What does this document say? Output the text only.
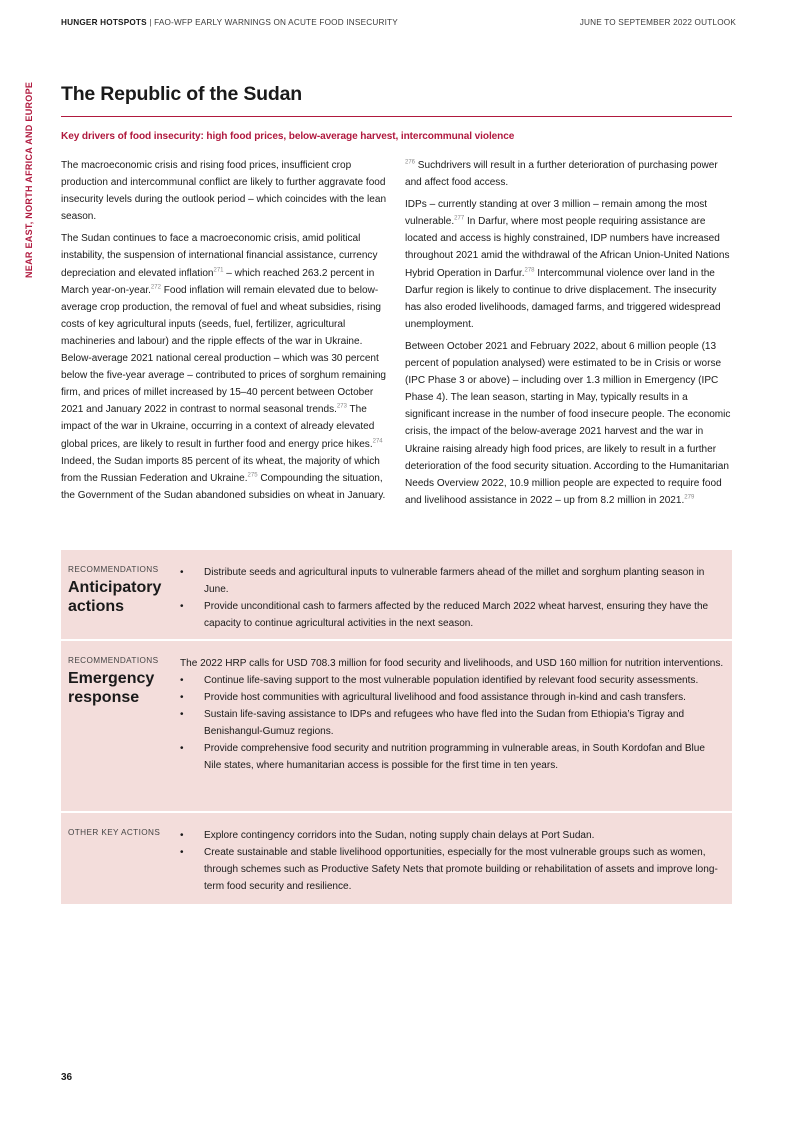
HUNGER HOTSPOTS | FAO-WFP EARLY WARNINGS ON ACUTE FOOD INSECURITY	JUNE TO SEPTEMBER 2022 OUTLOOK
NEAR EAST, NORTH AFRICA AND EUROPE The Republic of the Sudan
Key drivers of food insecurity: high food prices, below-average harvest, intercommunal violence

The macroeconomic crisis and rising food prices, insufficient crop production and intercommunal conflict are likely to further aggravate food insecurity levels during the outlook period – which coincides with the lean season.

The Sudan continues to face a macroeconomic crisis, amid political instability, the suspension of international financial assistance, currency depreciation and elevated inflation$^{271}$ – which reached 263.2 percent in March year-on-year.$^{272}$ Food inflation will remain elevated due to below-average crop production, the removal of fuel and wheat subsidies, rising costs of key agricultural inputs (seeds, fuel, fertilizer, agricultural machineries and labour) and the ripple effects of the war in Ukraine. Below-average 2021 national cereal production – which was 30 percent below the five-year average – contributed to prices of sorghum remaining firm, and prices of millet increased by 15–40 percent between October 2021 and January 2022 in contrast to normal seasonal trends.$^{273}$ The impact of the war in Ukraine, occurring in a context of already elevated global prices, are likely to result in further food and energy price hikes.$^{274}$ Indeed, the Sudan imports 85 percent of its wheat, the majority of which from the Russian Federation and Ukraine.$^{275}$ Compounding the situation, the Government of the Sudan abandoned subsidies on wheat in January.

$^{276}$ Suchdrivers will result in a further deterioration of purchasing power and affect food access.

IDPs – currently standing at over 3 million – remain among the most vulnerable.$^{277}$ In Darfur, where most people requiring assistance are located and access is highly constrained, IDP numbers have increased throughout 2021 amid the withdrawal of the African Union-United Nations Hybrid Operation in Darfur.$^{278}$ Intercommunal violence over land in the Darfur region is likely to continue to drive displacement. The insecurity has also eroded livelihoods, damaged farms, and triggered widespread unemployment.

Between October 2021 and February 2022, about 6 million people (13 percent of population analysed) were estimated to be in Crisis or worse (IPC Phase 3 or above) – including over 1.3 million in Emergency (IPC Phase 4). The lean season, starting in May, typically results in a significant increase in the number of food insecure people. The economic crisis, the impact of the below-average 2021 harvest and the war in Ukraine raising already high food prices, are likely to result in a further deterioration of the food security situation. According to the Humanitarian Needs Overview 2022, 10.9 million people are expected to require food and livelihood assistance in 2022 – up from 8.2 million in 2021.$^{279}$

RECOMMENDATIONS
Anticipatory
actions
• Distribute seeds and agricultural inputs to vulnerable farmers ahead of the millet and sorghum planting season in June.
• Provide unconditional cash to farmers affected by the reduced March 2022 wheat harvest, ensuring they have the capacity to continue agricultural activities in the next season.
RECOMMENDATIONS
Emergency
response
The 2022 HRP calls for USD 708.3 million for food security and livelihoods, and USD 160 million for nutrition interventions.
• Continue life-saving support to the most vulnerable population identified by relevant food security assessments.
• Provide host communities with agricultural livelihood and food assistance through in-kind and cash transfers.
• Sustain life-saving assistance to IDPs and refugees who have fled into the Sudan from Ethiopia’s Tigray and Benishangul-Gumuz regions.
• Provide comprehensive food security and nutrition programming in vulnerable areas, in South Kordofan and Blue Nile states, where humanitarian access is possible for the first time in ten years.
OTHER KEY ACTIONS • Explore contingency corridors into the Sudan, noting supply chain delays at Port Sudan.
• Create sustainable and stable livelihood opportunities, especially for the most vulnerable groups such as women, through schemes such as Productive Safety Nets that promote building or rehabilitation of assets and improve long-term food security and resilience.
36
